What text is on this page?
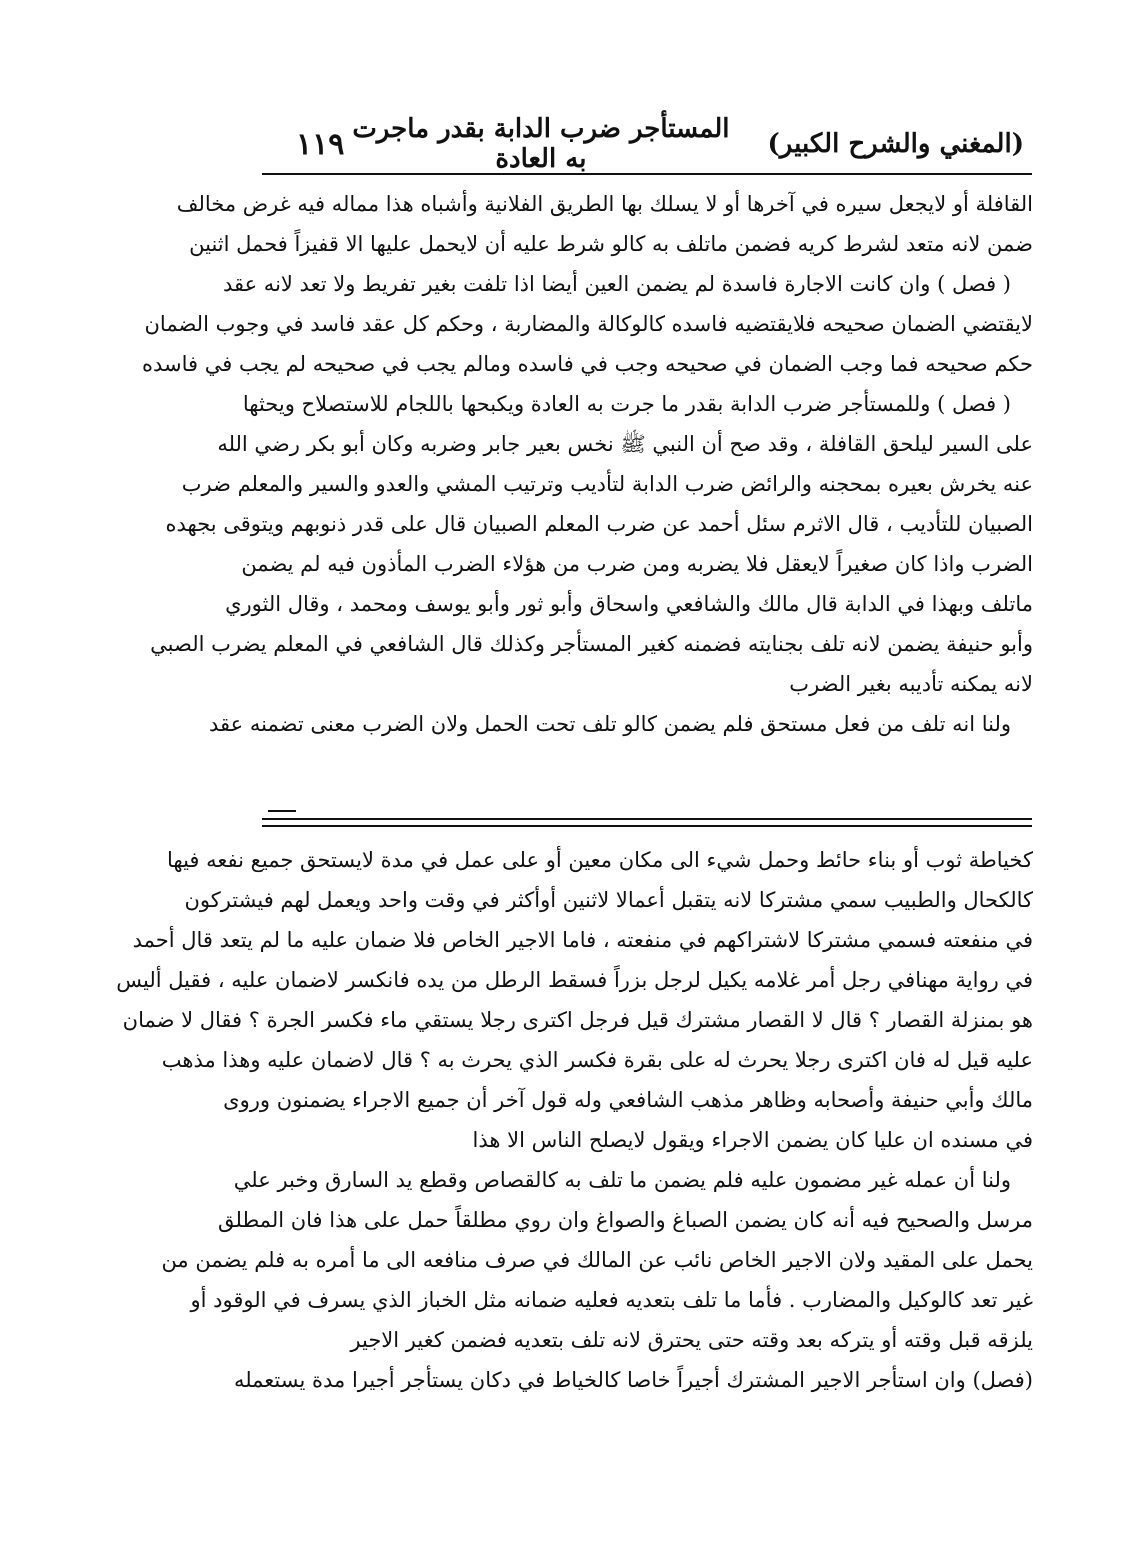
(المغني والشرح الكبير)
المستأجر ضرب الدابة بقدر ماجرت به العادة
١١٩
القافلة أو لايجعل سيره في آخرها أو لا يسلك بها الطريق الفلانية وأشباه هذا مماله فيه غرض مخالف
ضمن لانه متعد لشرط كريه فضمن ماتلف به كالو شرط عليه أن لايحمل عليها الا قفيزاً فحمل اثنين
( فصل ) وان كانت الاجارة فاسدة لم يضمن العين أيضا اذا تلفت بغير تفريط ولا تعد لانه عقد
لايقتضي الضمان صحيحه فلايقتضيه فاسده كالوكالة والمضاربة ، وحكم كل عقد فاسد في وجوب الضمان
حكم صحيحه فما وجب الضمان في صحيحه وجب في فاسده ومالم يجب في صحيحه لم يجب في فاسده
( فصل ) وللمستأجر ضرب الدابة بقدر ما جرت به العادة ويكبحها باللجام للاستصلاح ويحثها
على السير ليلحق القافلة ، وقد صح أن النبي ﷺ نخس بعير جابر وضربه وكان أبو بكر رضي الله
عنه يخرش بعيره بمحجنه والرائض ضرب الدابة لتأديب وترتيب المشي والعدو والسير والمعلم ضرب
الصبيان للتأديب ، قال الاثرم سئل أحمد عن ضرب المعلم الصبيان قال على قدر ذنوبهم ويتوقى بجهده
الضرب واذا كان صغيراً لايعقل فلا يضربه ومن ضرب من هؤلاء الضرب المأذون فيه لم يضمن
ماتلف وبهذا في الدابة قال مالك والشافعي واسحاق وأبو ثور وأبو يوسف ومحمد ، وقال الثوري
وأبو حنيفة يضمن لانه تلف بجنايته فضمنه كغير المستأجر وكذلك قال الشافعي في المعلم يضرب الصبي
لانه يمكنه تأديبه بغير الضرب
ولنا انه تلف من فعل مستحق فلم يضمن كالو تلف تحت الحمل ولان الضرب معنى تضمنه عقد
كخياطة ثوب أو بناء حائط وحمل شيء الى مكان معين أو على عمل في مدة لايستحق جميع نفعه فيها
كالكحال والطبيب سمي مشتركا لانه يتقبل أعمالا لاثنين أوأكثر في وقت واحد ويعمل لهم فيشتركون
في منفعته فسمي مشتركا لاشتراكهم في منفعته ، فاما الاجير الخاص فلا ضمان عليه ما لم يتعد قال أحمد
في رواية مهنافي رجل أمر غلامه يكيل لرجل بزراً فسقط الرطل من يده فانكسر لاضمان عليه ، فقيل أليس
هو بمنزلة القصار ؟ قال لا القصار مشترك قيل فرجل اكترى رجلا يستقي ماء فكسر الجرة ؟ فقال لا ضمان
عليه قيل له فان اكترى رجلا يحرث له على بقرة فكسر الذي يحرث به ؟ قال لاضمان عليه وهذا مذهب
مالك وأبي حنيفة وأصحابه وظاهر مذهب الشافعي وله قول آخر أن جميع الاجراء يضمنون وروى
في مسنده ان عليا كان يضمن الاجراء ويقول لايصلح الناس الا هذا
ولنا أن عمله غير مضمون عليه فلم يضمن ما تلف به كالقصاص وقطع يد السارق وخبر علي
مرسل والصحيح فيه أنه كان يضمن الصباغ والصواغ وان روي مطلقاً حمل على هذا فان المطلق
يحمل على المقيد ولان الاجير الخاص نائب عن المالك في صرف منافعه الى ما أمره به فلم يضمن من
غير تعد كالوكيل والمضارب . فأما ما تلف بتعديه فعليه ضمانه مثل الخباز الذي يسرف في الوقود أو
يلزقه قبل وقته أو يتركه بعد وقته حتى يحترق لانه تلف بتعديه فضمن كغير الاجير
(فصل) وان استأجر الاجير المشترك أجيراً خاصا كالخياط في دكان يستأجر أجيرا مدة يستعمله
